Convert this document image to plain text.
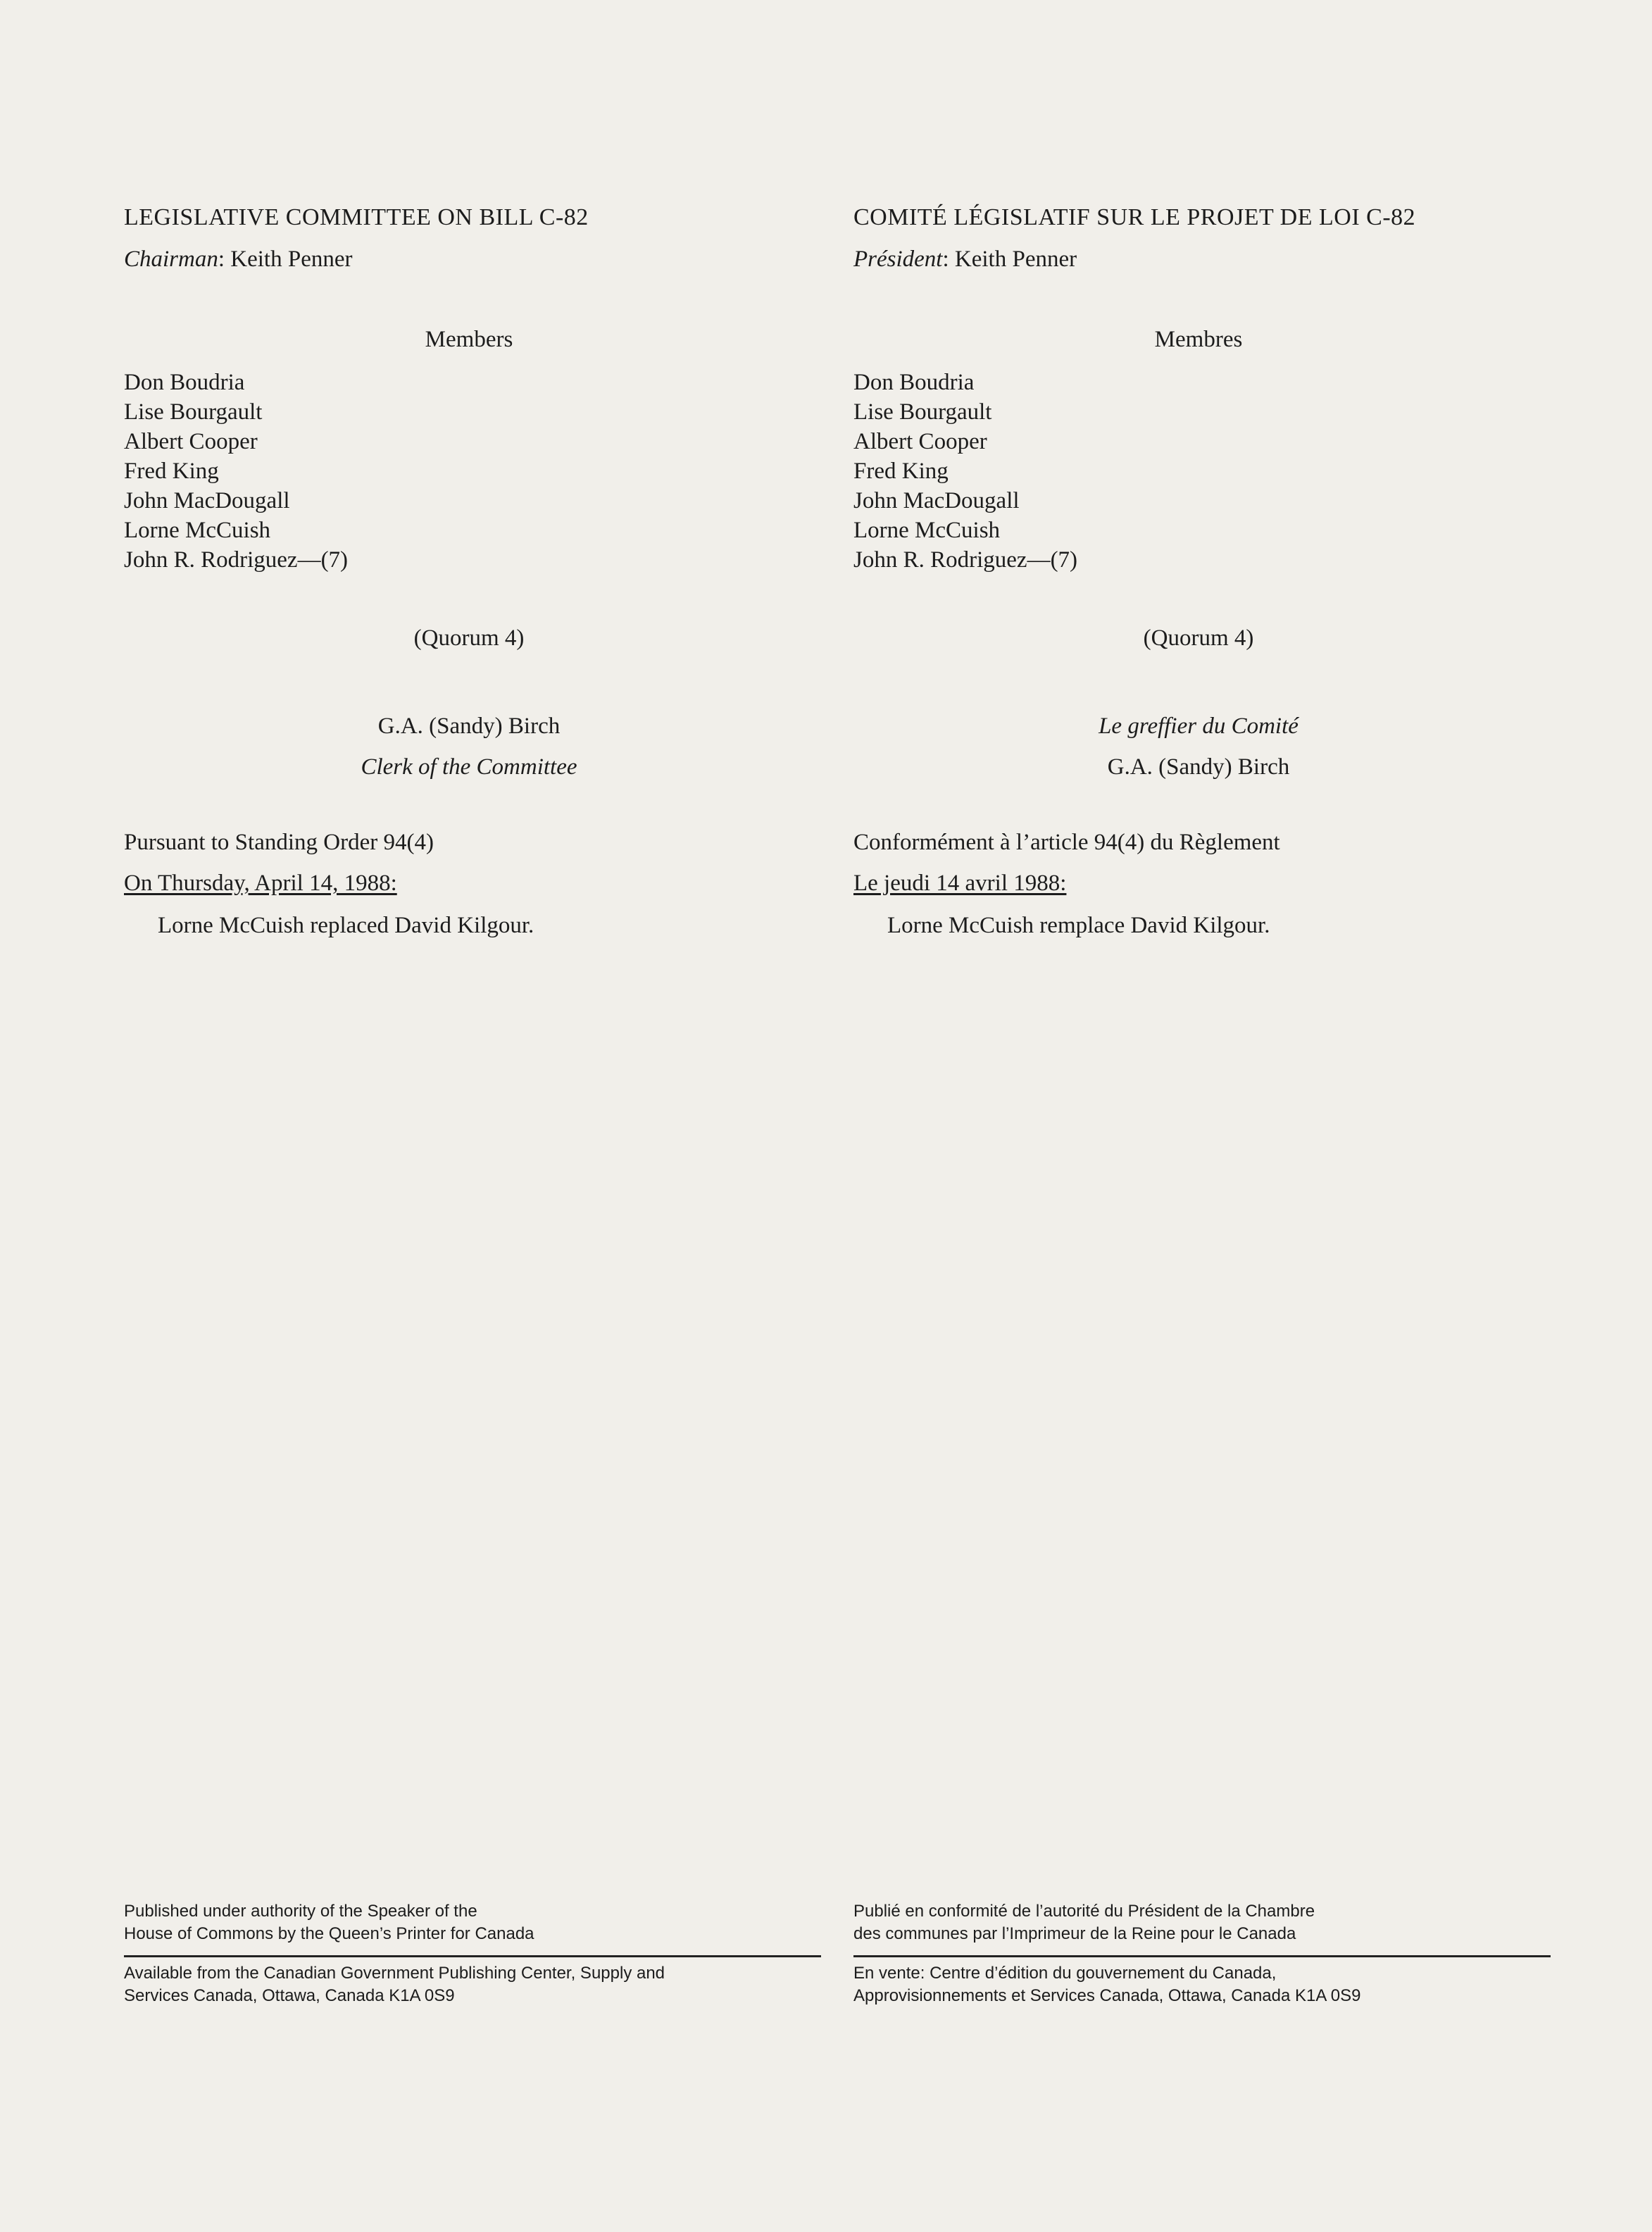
LEGISLATIVE COMMITTEE ON BILL C-82
Chairman: Keith Penner
Members
Don Boudria
Lise Bourgault
Albert Cooper
Fred King
John MacDougall
Lorne McCuish
John R. Rodriguez—(7)
(Quorum 4)
G.A. (Sandy) Birch
Clerk of the Committee
Pursuant to Standing Order 94(4)
On Thursday, April 14, 1988:
Lorne McCuish replaced David Kilgour.
Published under authority of the Speaker of the
House of Commons by the Queen’s Printer for Canada
Available from the Canadian Government Publishing Center, Supply and
Services Canada, Ottawa, Canada K1A 0S9
COMITÉ LÉGISLATIF SUR LE PROJET DE LOI C-82
Président: Keith Penner
Membres
Don Boudria
Lise Bourgault
Albert Cooper
Fred King
John MacDougall
Lorne McCuish
John R. Rodriguez—(7)
(Quorum 4)
Le greffier du Comité
G.A. (Sandy) Birch
Conformément à l’article 94(4) du Règlement
Le jeudi 14 avril 1988:
Lorne McCuish remplace David Kilgour.
Publié en conformité de l’autorité du Président de la Chambre
des communes par l’Imprimeur de la Reine pour le Canada
En vente: Centre d’édition du gouvernement du Canada,
Approvisionnements et Services Canada, Ottawa, Canada K1A 0S9
